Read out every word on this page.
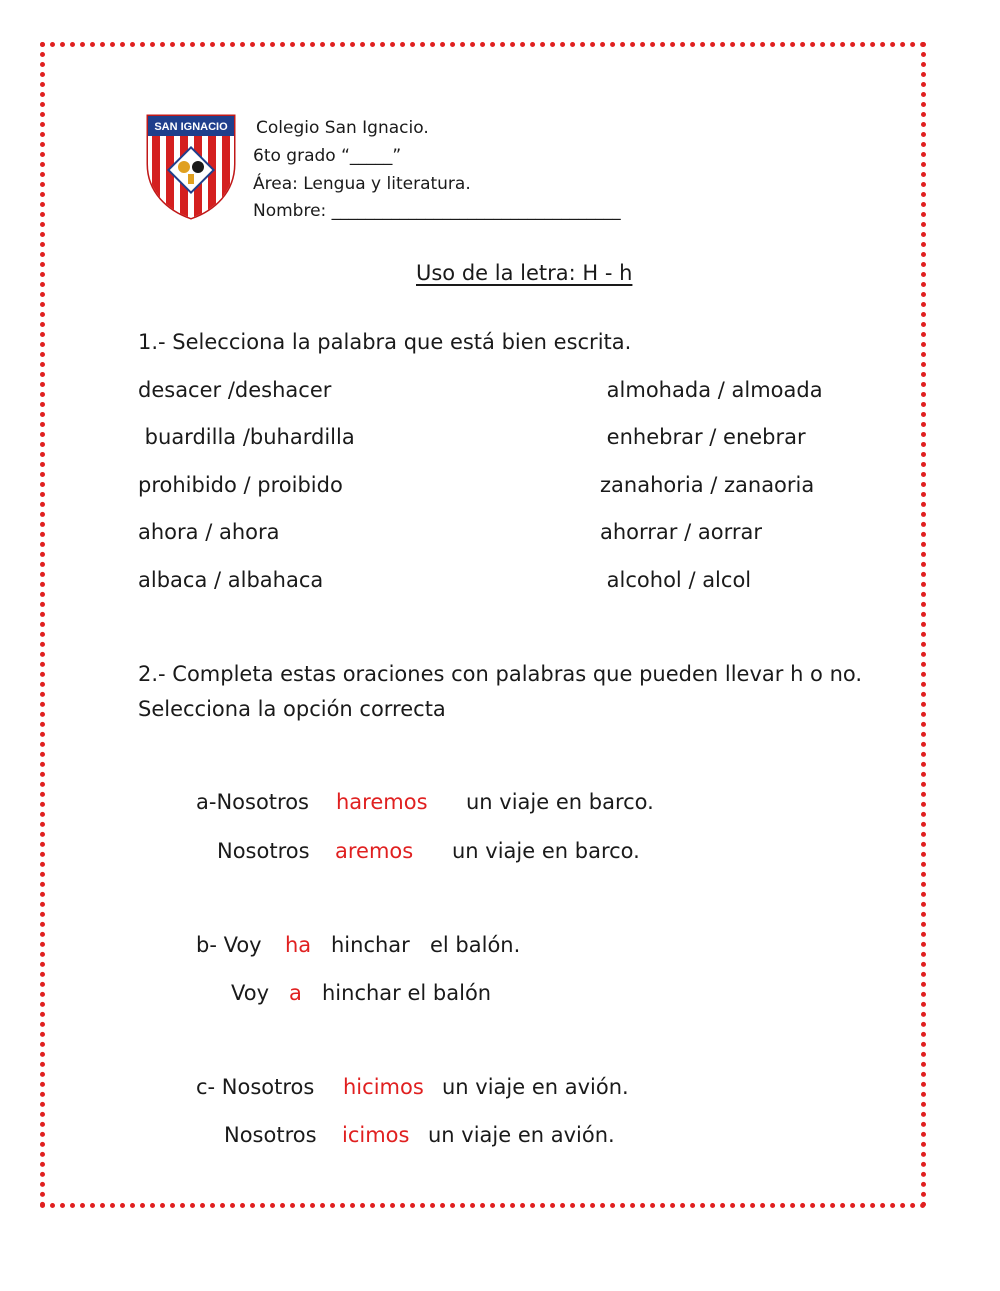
SAN IGNACIO Colegio San Ignacio.
6to grado “_____”
Área: Lengua y literatura.
Nombre: __________________________________
Uso de la letra: H - h
1.- Selecciona la palabra que está bien escrita.
desacer /deshacer
buardilla /buhardilla
prohibido / proibido
ahora / ahora
albaca / albahaca
almohada / almoada
enhebrar / enebrar
zanahoria / zanaoria
ahorrar / aorrar
alcohol / alcol
2.- Completa estas oraciones con palabras que pueden llevar h o no.
Selecciona la opción correcta
a-Nosotros haremos un viaje en barco.
Nosotros aremos un viaje en barco.
b- Voy ha hinchar el balón.
Voy a hinchar el balón
c- Nosotros hicimos un viaje en avión.
Nosotros icimos un viaje en avión.
